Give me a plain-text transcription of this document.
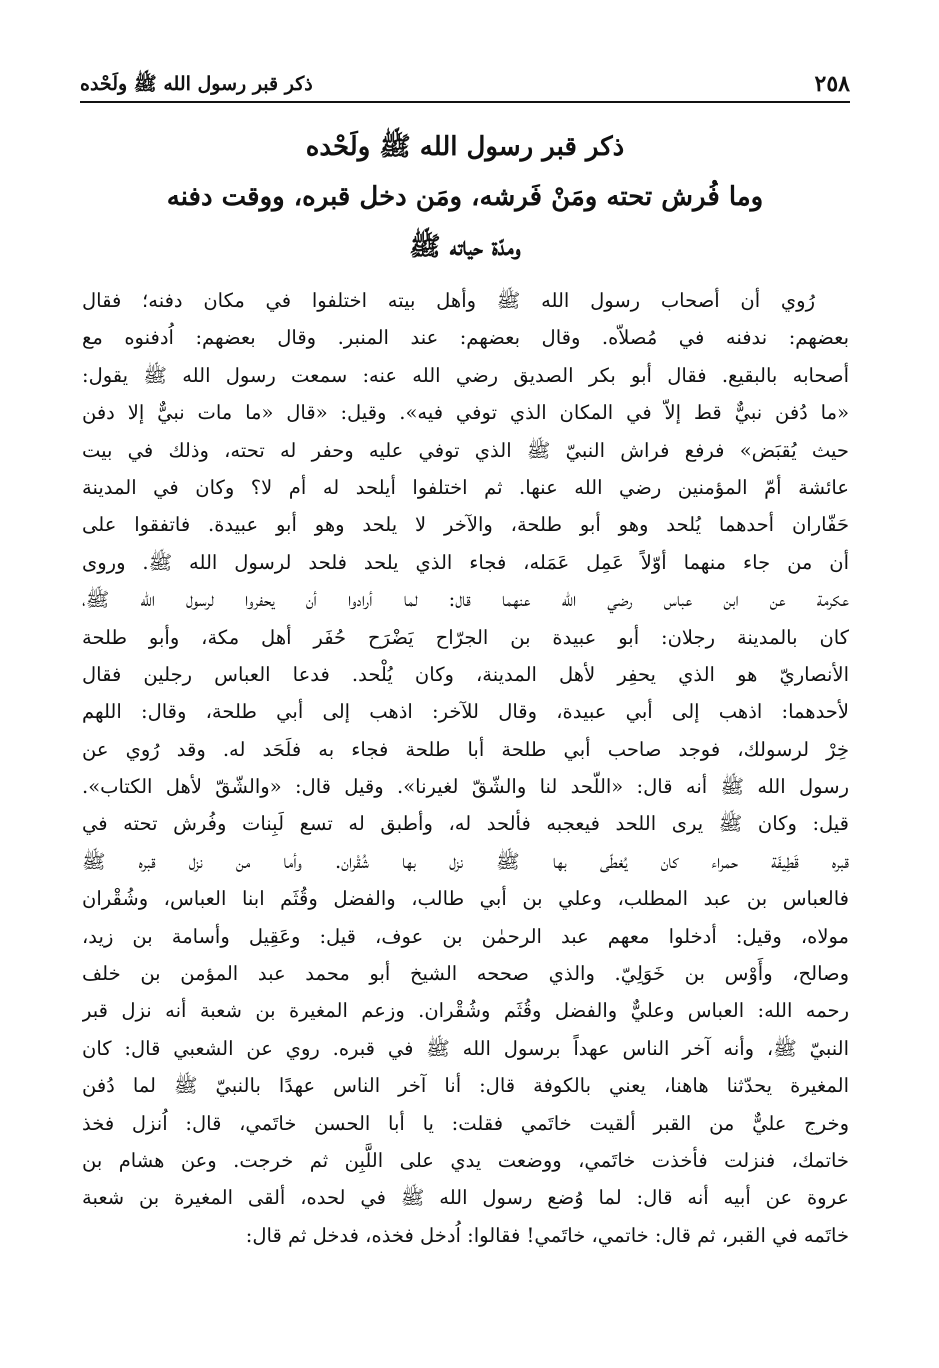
٢٥٨
ذكر قبر رسول الله ﷺ ولَحْده
ذكر قبر رسول الله ﷺ ولَحْده
وما فُرش تحته ومَنْ فَرشه، ومَن دخل قبره، ووقت دفنه
ومدّة حياته ﷺ
رُوي أن أصحاب رسول الله ﷺ وأهل بيته اختلفوا في مكان دفنه؛ فقال
بعضهم: ندفنه في مُصلاّه. وقال بعضهم: عند المنبر. وقال بعضهم: اُدفنوه مع
أصحابه بالبقيع. فقال أبو بكر الصديق رضي الله عنه: سمعت رسول الله ﷺ يقول:
«ما دُفن نبيٌّ قط إلاّ في المكان الذي توفي فيه». وقيل: «قال «ما مات نبيٌّ إلا دفن
حيث يُقبَض» فرفع فراش النبيّ ﷺ الذي توفي عليه وحفر له تحته، وذلك في بيت
عائشة أمّ المؤمنين رضي الله عنها. ثم اختلفوا أيلحد له أم لا؟ وكان في المدينة
حَفّاران أحدهما يُلحد وهو أبو طلحة، والآخر لا يلحد وهو أبو عبيدة. فاتفقوا على
أن من جاء منهما أوّلاً عَمِل عَمَله، فجاء الذي يلحد فلحد لرسول الله ﷺ. وروى
عكرمة عن ابن عباس رضي الله عنهما قال: لما أرادوا أن يحفروا لرسول الله ﷺ،
كان بالمدينة رجلان: أبو عبيدة بن الجرّاح يَضْرَح حُفَر أهل مكة، وأبو طلحة
الأنصاريّ هو الذي يحفِر لأهل المدينة، وكان يُلْحد. فدعا العباس رجلين فقال
لأحدهما: اذهب إلى أبي عبيدة، وقال للآخر: اذهب إلى أبي طلحة، وقال: اللهم
خِرْ لرسولك، فوجد صاحب أبي طلحة أبا طلحة فجاء به فلَحَد له. وقد رُوي عن
رسول الله ﷺ أنه قال: «اللّحد لنا والشّقّ لغيرنا». وقيل قال: «والشّقّ لأهل الكتاب».
قيل: وكان ﷺ يرى اللحد فيعجبه فألحد له، وأطبق له تسع لَبِنات وفُرش تحته في
قبره قَطِيفَة حمراء كان يُغطّى بها ﷺ نزل بها شُقْران. وأما من نزل قبره ﷺ
فالعباس بن عبد المطلب، وعلي بن أبي طالب، والفضل وقُثَم ابنا العباس، وشُقْران
مولاه، وقيل: أدخلوا معهم عبد الرحمٰن بن عوف، قيل: وعَقِيل وأسامة بن زيد،
وصالح، وأَوْس بن خَوَلِيّ. والذي صححه الشيخ أبو محمد عبد المؤمن بن خلف
رحمه الله: العباس وعليٌّ والفضل وقُثَم وشُقْران. وزعم المغيرة بن شعبة أنه نزل قبر
النبيّ ﷺ، وأنه آخر الناس عهداً برسول الله ﷺ في قبره. روي عن الشعبي قال: كان
المغيرة يحدّثنا هاهنا، يعني بالكوفة قال: أنا آخر الناس عهدًا بالنبيّ ﷺ لما دُفن
وخرج عليٌّ من القبر ألقيت خاتَمي فقلت: يا أبا الحسن خاتَمي، قال: اُنزل فخذ
خاتمك، فنزلت فأخذت خاتَمي، ووضعت يدي على اللَّبِن ثم خرجت. وعن هشام بن
عروة عن أبيه أنه قال: لما وُضع رسول الله ﷺ في لحده، ألقى المغيرة بن شعبة
خاتَمه في القبر، ثم قال: خاتمي، خاتَمي! فقالوا: اُدخل فخذه، فدخل ثم قال:
